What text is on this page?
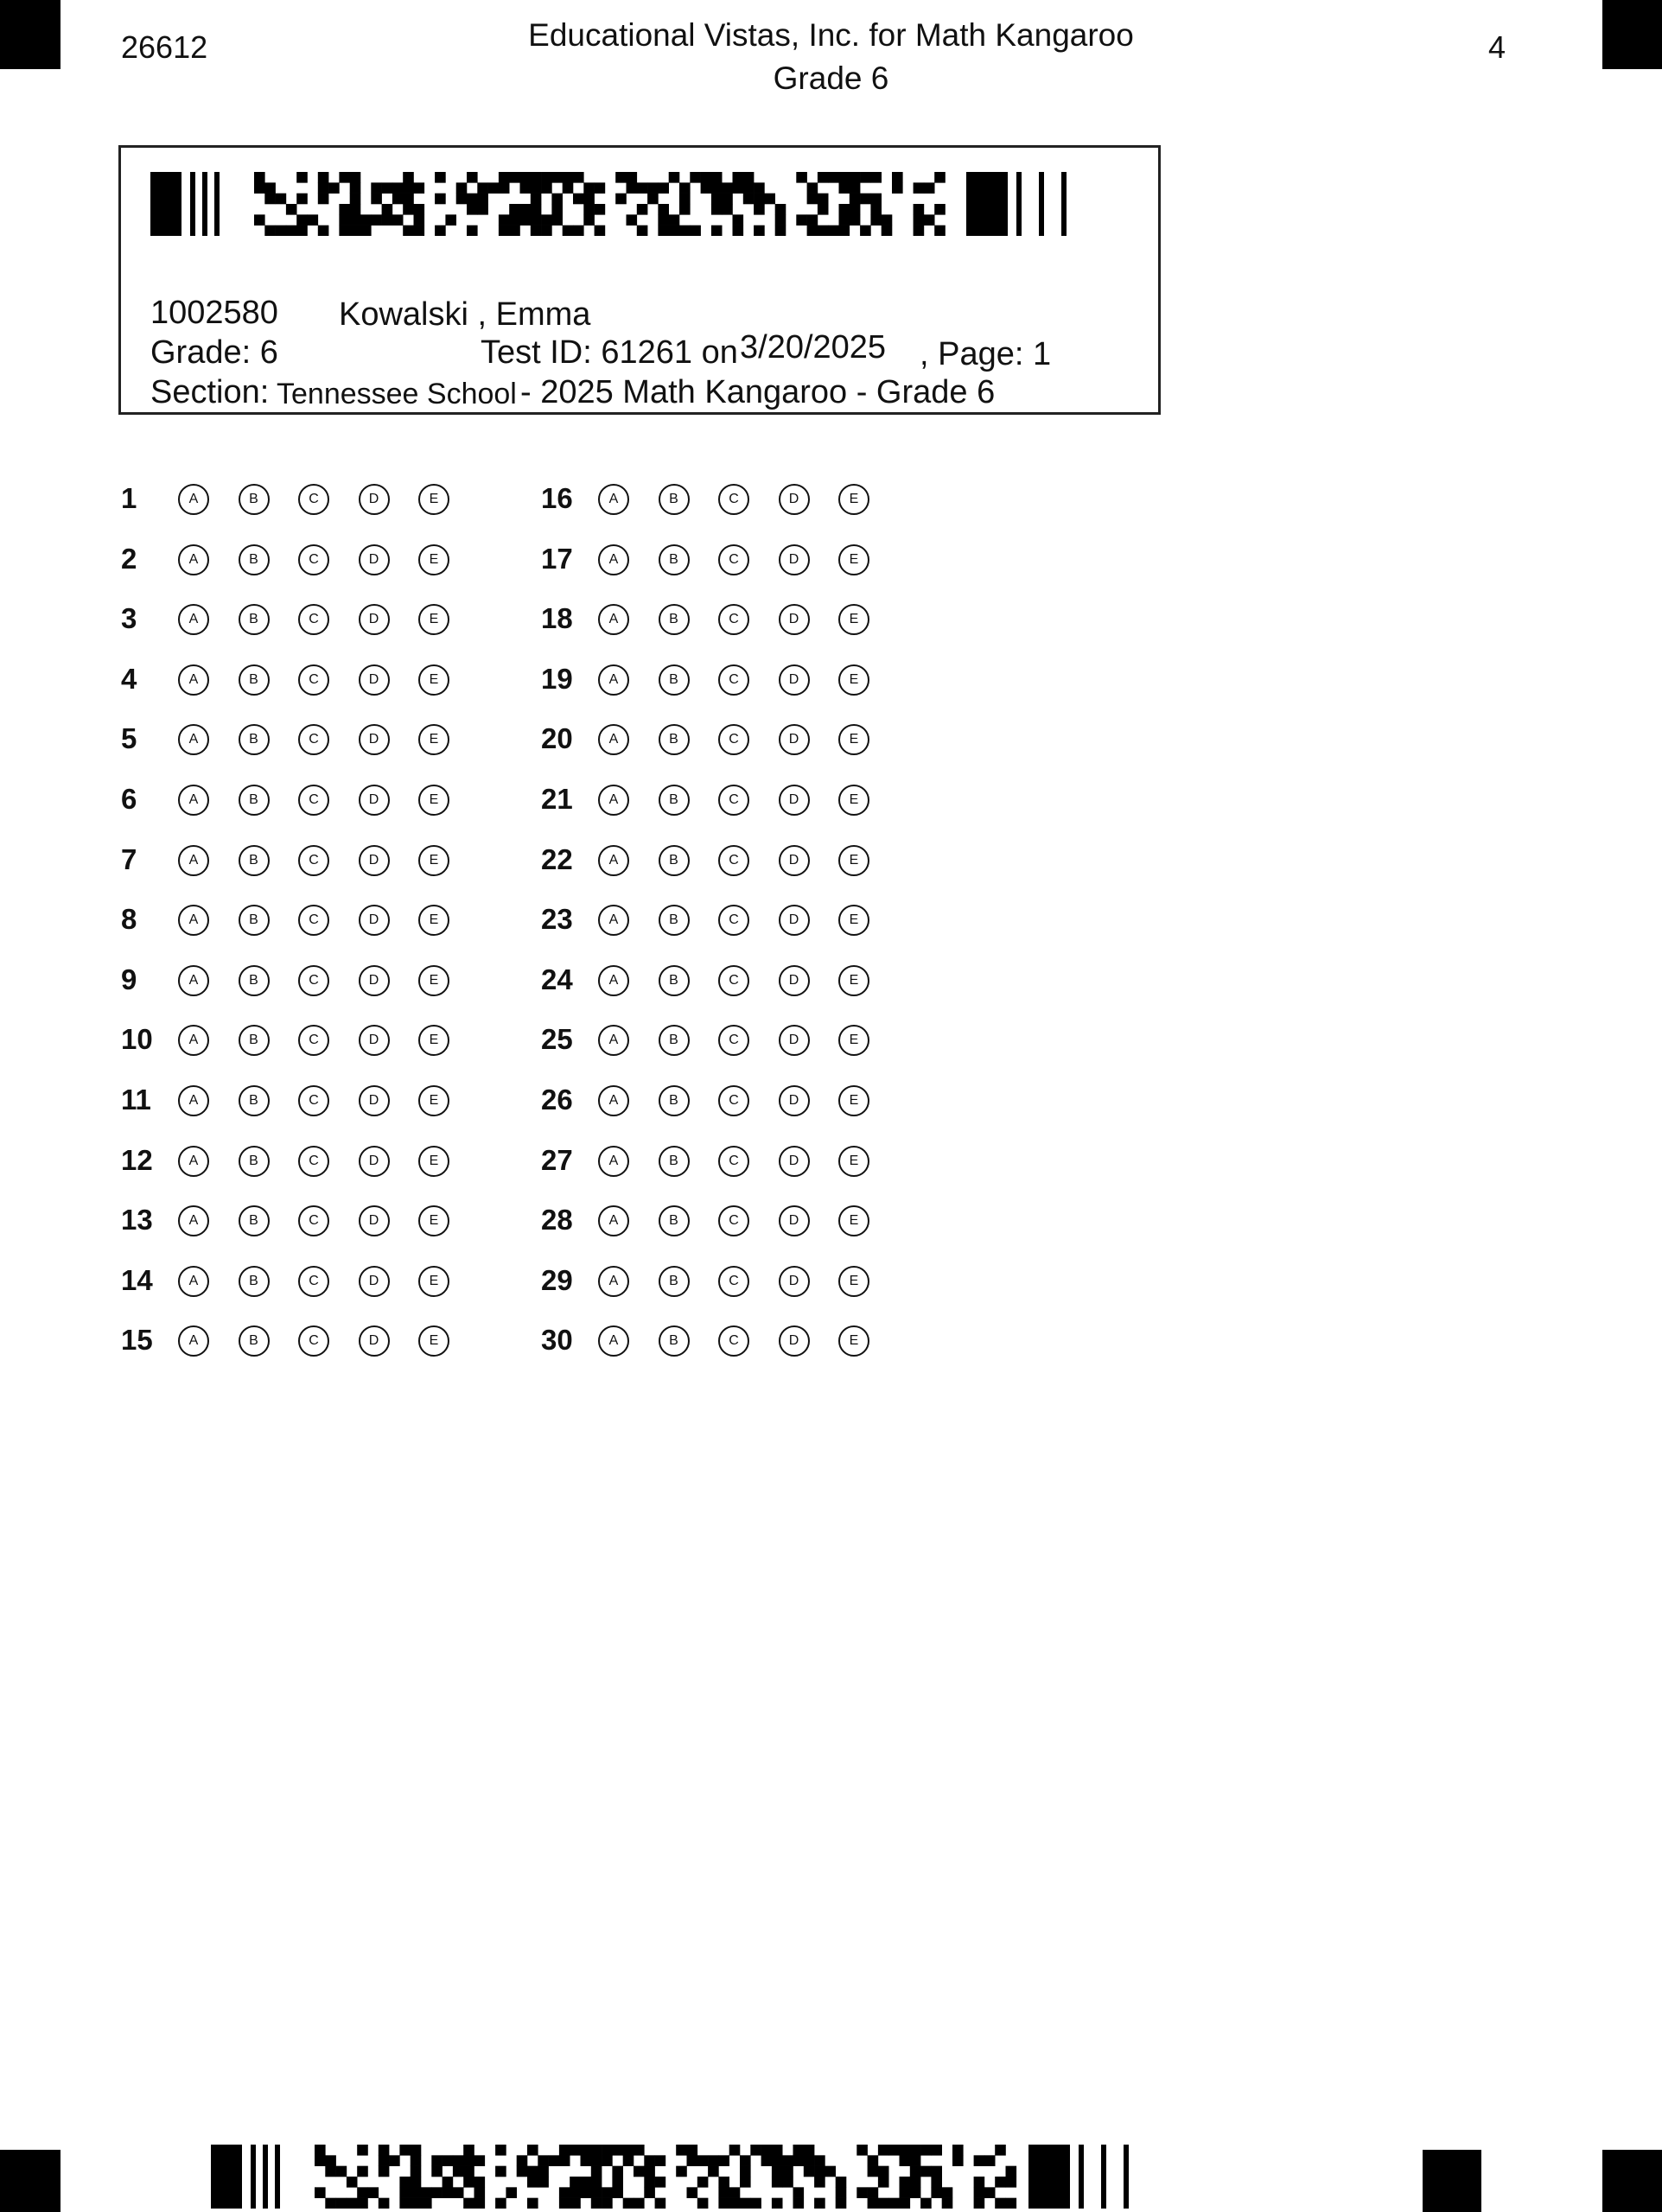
26612	Educational Vistas, Inc. for Math Kangaroo
Grade 6
4
1002580 Kowalski , Emma
Grade: 6	Test ID: 61261 on 3/20/2025 , Page: 1
Section: Tennessee School - 2025 Math Kangaroo - Grade 6
1	A	B	C	D	E
2	A	B	C	D	E
3	A	B	C	D	E
4	A	B	C	D	E
5	A	B	C	D	E
6	A	B	C	D	E
7	A	B	C	D	E
8	A	B	C	D	E
9	A	B	C	D	E
10	A	B	C	D	E
11	A	B	C	D	E
12	A	B	C	D	E
13	A	B	C	D	E
14	A	B	C	D	E
15	A	B	C	D	E
16	A	B	C	D	E
17	A	B	C	D	E
18	A	B	C	D	E
19	A	B	C	D	E
20	A	B	C	D	E
21	A	B	C	D	E
22	A	B	C	D	E
23	A	B	C	D	E
24	A	B	C	D	E
25	A	B	C	D	E
26	A	B	C	D	E
27	A	B	C	D	E
28	A	B	C	D	E
29	A	B	C	D	E
30	A	B	C	D	E
